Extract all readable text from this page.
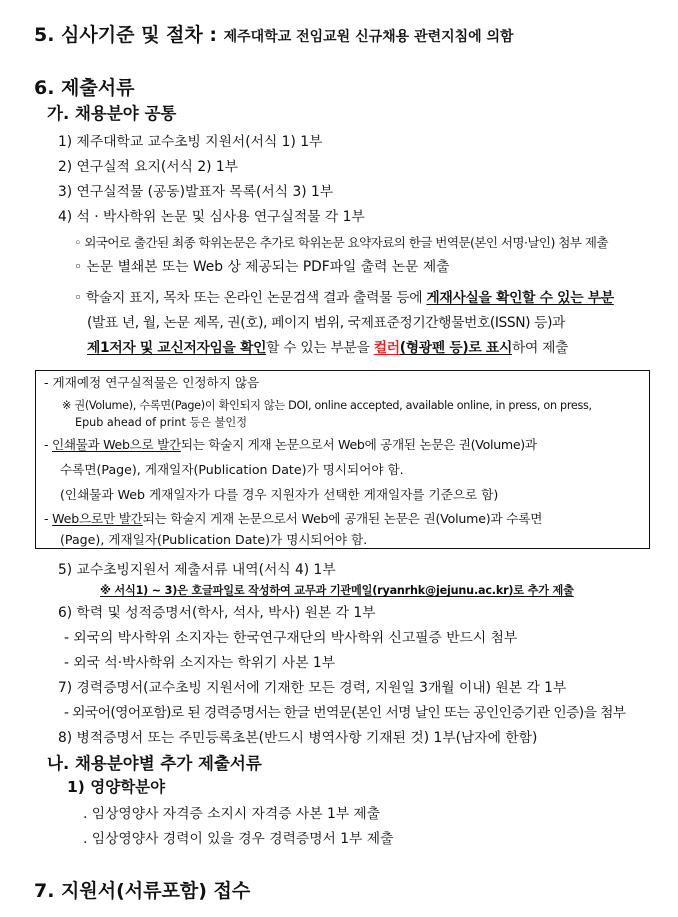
5. 심사기준 및 절차 : 제주대학교 전임교원 신규채용 관련지침에 의함
6. 제출서류
가. 채용분야 공통
1) 제주대학교 교수초빙 지원서(서식 1) 1부
2) 연구실적 요지(서식 2) 1부
3) 연구실적물 (공동)발표자 목록(서식 3) 1부
4) 석 · 박사학위 논문 및 심사용 연구실적물 각 1부
◦ 외국어로 출간된 최종 학위논문은 추가로 학위논문 요약자료의 한글 번역문(본인 서명·날인) 첨부 제출
◦ 논문 별쇄본 또는 Web 상 제공되는 PDF파일 출력 논문 제출
◦ 학술지 표지, 목차 또는 온라인 논문검색 결과 출력물 등에 게재사실을 확인할 수 있는 부분
(발표 년, 월, 논문 제목, 권(호), 페이지 범위, 국제표준정기간행물번호(ISSN) 등)과
제1저자 및 교신저자임을 확인할 수 있는 부분을 컬러(형광펜 등)로 표시하여 제출
- 게재예정 연구실적물은 인정하지 않음
※ 권(Volume), 수록면(Page)이 확인되지 않는 DOI, online accepted, available online, in press, on press,
Epub ahead of print 등은 불인정
- 인쇄물과 Web으로 발간되는 학술지 게재 논문으로서 Web에 공개된 논문은 권(Volume)과
수록면(Page), 게재일자(Publication Date)가 명시되어야 함.
(인쇄물과 Web 게재일자가 다를 경우 지원자가 선택한 게재일자를 기준으로 함)
- Web으로만 발간되는 학술지 게재 논문으로서 Web에 공개된 논문은 권(Volume)과 수록면
(Page), 게재일자(Publication Date)가 명시되어야 함.
5) 교수초빙지원서 제출서류 내역(서식 4) 1부
※ 서식1) ~ 3)은 호글파일로 작성하여 교무과 기관메일(ryanrhk@jejunu.ac.kr)로 추가 제출
6) 학력 및 성적증명서(학사, 석사, 박사) 원본 각 1부
- 외국의 박사학위 소지자는 한국연구재단의 박사학위 신고필증 반드시 첨부
- 외국 석·박사학위 소지자는 학위기 사본 1부
7) 경력증명서(교수초빙 지원서에 기재한 모든 경력, 지원일 3개월 이내) 원본 각 1부
- 외국어(영어포함)로 된 경력증명서는 한글 번역문(본인 서명 날인 또는 공인인증기관 인증)을 첨부
8) 병적증명서 또는 주민등록초본(반드시 병역사항 기재된 것) 1부(남자에 한함)
나. 채용분야별 추가 제출서류
1) 영양학분야
. 임상영양사 자격증 소지시 자격증 사본 1부 제출
. 임상영양사 경력이 있을 경우 경력증명서 1부 제출
7. 지원서(서류포함) 접수
